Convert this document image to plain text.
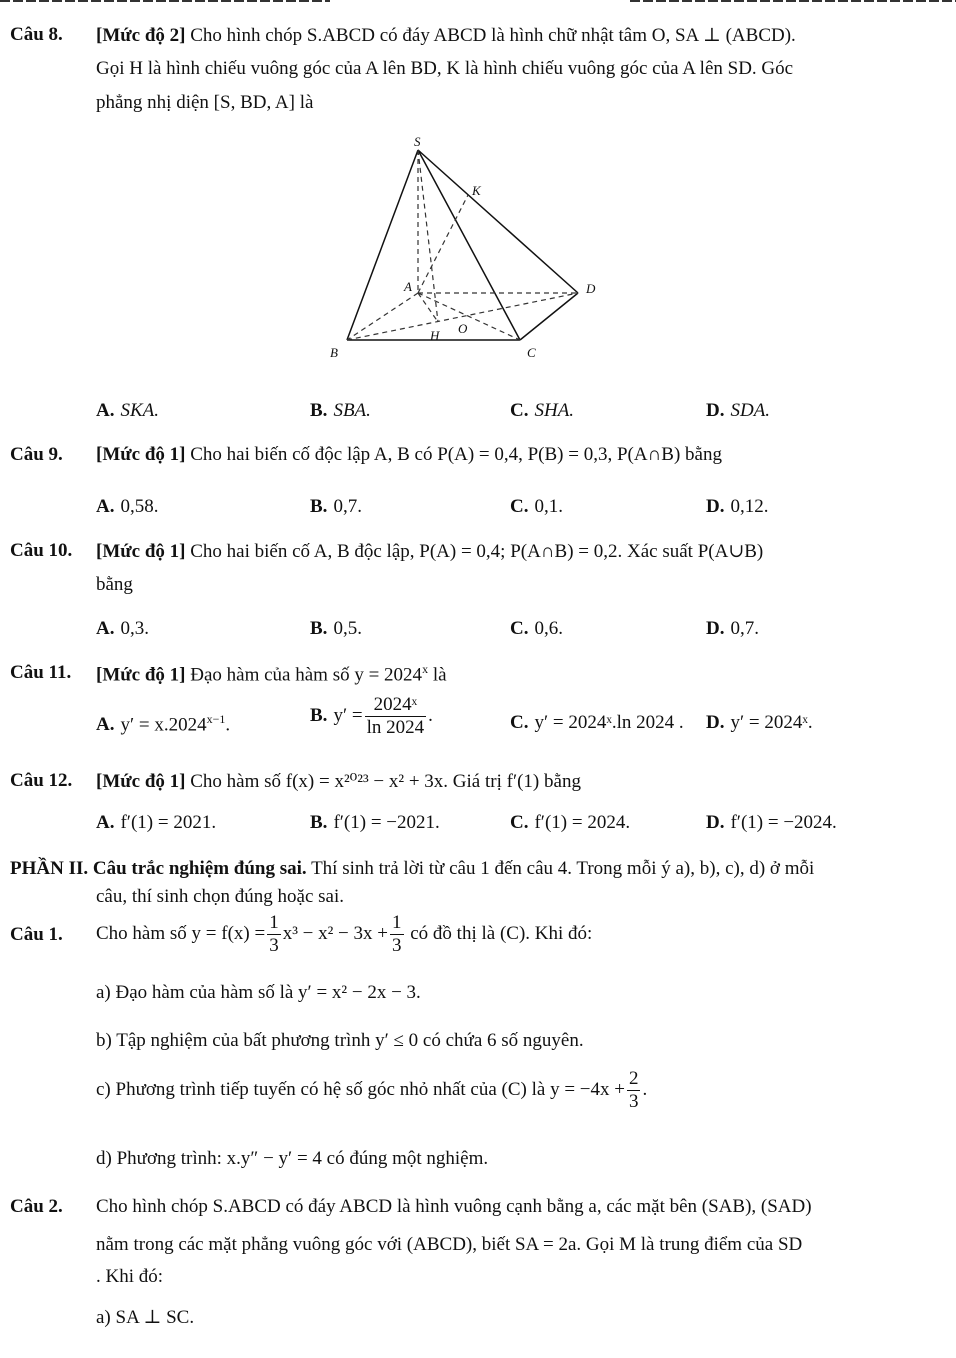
Câu 8. [Mức độ 2] Cho hình chóp S.ABCD có đáy ABCD là hình chữ nhật tâm O, SA ⊥ (ABCD).
Gọi H là hình chiếu vuông góc của A lên BD, K là hình chiếu vuông góc của A lên SD. Góc
phẳng nhị diện [S, BD, A] là
S
K
A	D
H O
B	C
A. SKA.	B. SBA.	C. SHA.	D. SDA.
Câu 9. [Mức độ 1] Cho hai biến cố độc lập A, B có P(A) = 0,4, P(B) = 0,3, P(A∩B) bằng
A. 0,58.	B. 0,7.	C. 0,1.	D. 0,12.
Câu 10. [Mức độ 1] Cho hai biến cố A, B độc lập, P(A) = 0,4; P(A∩B) = 0,2. Xác suất P(A∪B)
bằng
A. 0,3.	B. 0,5.	C. 0,6.	D. 0,7.
Câu 11. [Mức độ 1] Đạo hàm của hàm số $y = 2024^x$ là
A. $y' = x.2024^{x-1}$.	B. $y' = \frac{\text{2024ˣ}}{\ln 2024}$ .	C. y′ = 2024ˣ.ln 2024 . D. y′ = 2024ˣ.
Câu 12. [Mức độ 1] Cho hàm số f(x) = x²⁰²³ − x² + 3x. Giá trị f′(1) bằng
A. f′(1) = 2021.	B. f′(1) = −2021.	C. f′(1) = 2024.	D. f′(1) = −2024.
PHẦN II. Câu trắc nghiệm đúng sai. Thí sinh trả lời từ câu 1 đến câu 4. Trong mỗi ý a), b), c), d) ở mỗi
câu, thí sinh chọn đúng hoặc sai.
Câu 1. Cho hàm số $y = f(x) = \frac{1}{3} x^3 - x^2 - 3x + \frac{1}{3}$ có đồ thị là (C). Khi đó:
a) Đạo hàm của hàm số là y′ = x² − 2x − 3.
b) Tập nghiệm của bất phương trình y′ ≤ 0 có chứa 6 số nguyên.
c) Phương trình tiếp tuyến có hệ số góc nhỏ nhất của (C) là $y = -4x + \frac{2}{3}$ .
d) Phương trình: x.y″ − y′ = 4 có đúng một nghiệm.
Câu 2. Cho hình chóp S.ABCD có đáy ABCD là hình vuông cạnh bằng a, các mặt bên (SAB), (SAD)
nằm trong các mặt phẳng vuông góc với (ABCD), biết SA = 2a. Gọi M là trung điểm của SD
. Khi đó:
a) SA ⊥ SC.
